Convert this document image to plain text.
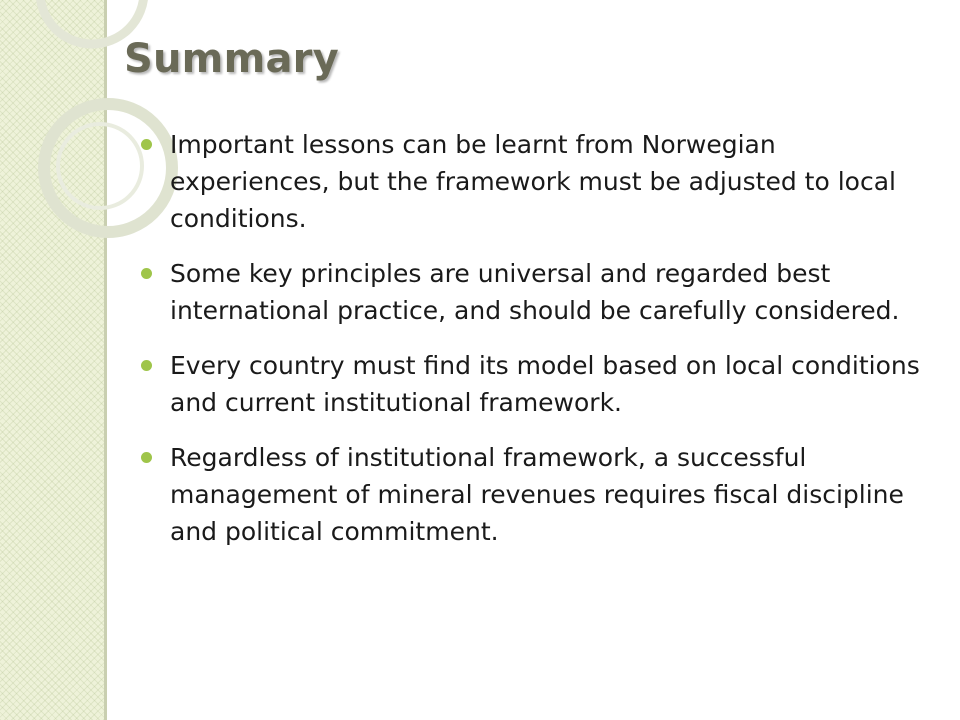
Summary
Important lessons can be learnt from Norwegian experiences, but the framework must be adjusted to local conditions.
Some key principles are universal and regarded best international practice, and should be carefully considered.
Every country must find its model based on local conditions and current institutional framework.
Regardless of institutional framework, a successful management of mineral revenues requires fiscal discipline and political commitment.
